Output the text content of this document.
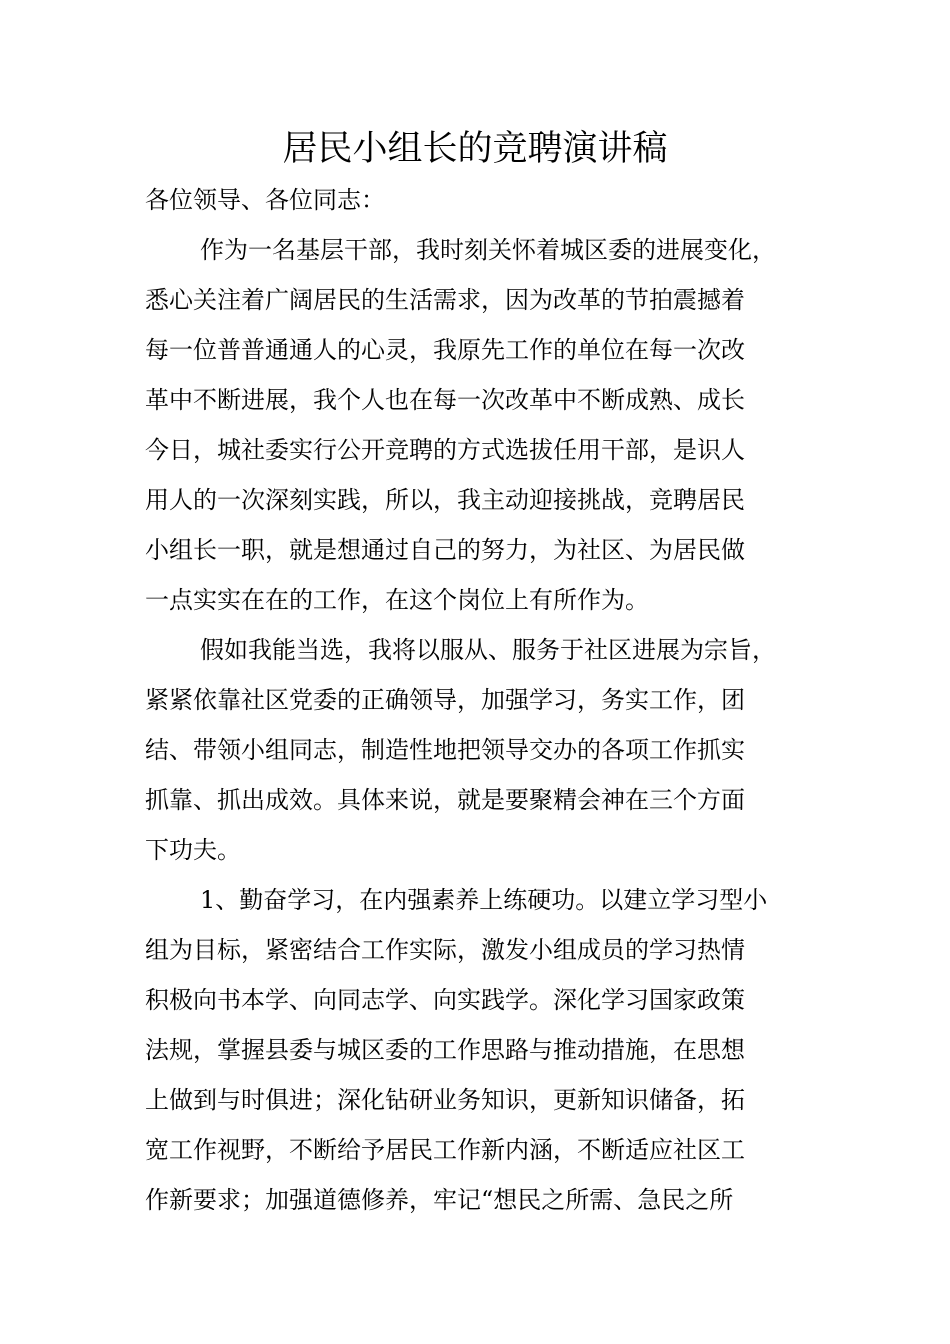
居民小组长的竞聘演讲稿
各位领导、各位同志：
作为一名基层干部，我时刻关怀着城区委的进展变化，
悉心关注着广阔居民的生活需求，因为改革的节拍震撼着
每一位普普通通人的心灵，我原先工作的单位在每一次改
革中不断进展，我个人也在每一次改革中不断成熟、成长
今日，城社委实行公开竞聘的方式选拔任用干部，是识人
用人的一次深刻实践，所以，我主动迎接挑战，竞聘居民
小组长一职，就是想通过自己的努力，为社区、为居民做
一点实实在在的工作，在这个岗位上有所作为。
假如我能当选，我将以服从、服务于社区进展为宗旨，
紧紧依靠社区党委的正确领导，加强学习，务实工作，团
结、带领小组同志，制造性地把领导交办的各项工作抓实
抓靠、抓出成效。具体来说，就是要聚精会神在三个方面
下功夫。
1、勤奋学习，在内强素养上练硬功。以建立学习型小
组为目标，紧密结合工作实际，激发小组成员的学习热情
积极向书本学、向同志学、向实践学。深化学习国家政策
法规，掌握县委与城区委的工作思路与推动措施，在思想
上做到与时俱进；深化钻研业务知识，更新知识储备，拓
宽工作视野，不断给予居民工作新内涵，不断适应社区工
作新要求；加强道德修养，牢记“想民之所需、急民之所
